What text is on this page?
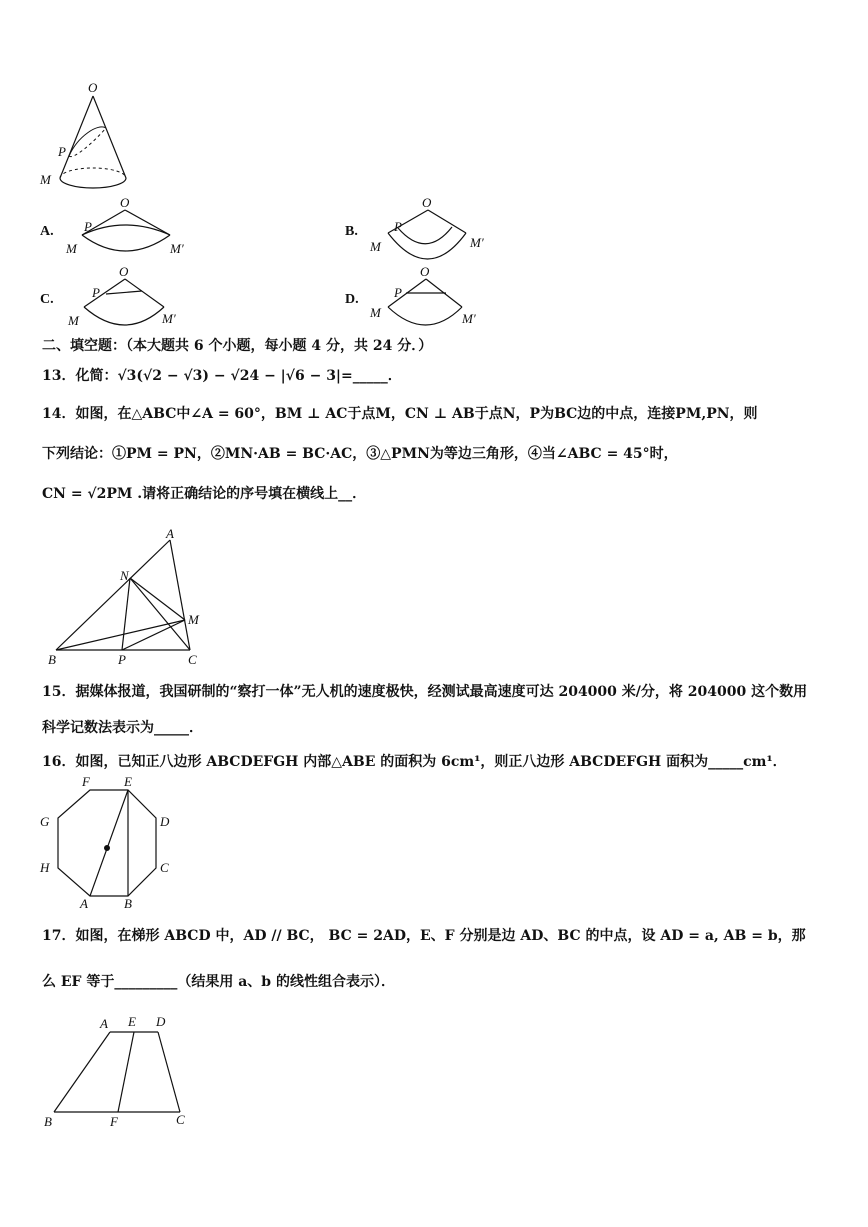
O
P
M
A.
O
P
M	M′
B.
O
P
M	M′
C.
O
P
M	M′
D.
O
P
M	M′
二、填空题：（本大题共 6 个小题，每小题 4 分，共 24 分．）
13．化简：√3(√2 − √3) − √24 − |√6 − 3|=_____．
14．如图，在△ABC中∠A = 60°，BM ⊥ AC于点M，CN ⊥ AB于点N，P为BC边的中点，连接PM,PN，则
下列结论：①PM = PN，②MN·AB = BC·AC，③△PMN为等边三角形，④当∠ABC = 45°时，
CN = √2PM .请将正确结论的序号填在横线上__．
A
N
M
B	P	C
15．据媒体报道，我国研制的“察打一体”无人机的速度极快，经测试最高速度可达 204000 米/分，将 204000 这个数用
科学记数法表示为_____．
16．如图，已知正八边形 ABCDEFGH 内部△ABE 的面积为 6cm¹，则正八边形 ABCDEFGH 面积为_____cm¹．
F	E
D
C
B
A
H
G
17．如图，在梯形 ABCD 中，AD // BC， BC = 2AD，E、F 分别是边 AD、BC 的中点，设 AD = a, AB = b，那
么 EF 等于_________（结果用 a、b 的线性组合表示）．
A E D
B	F	C
